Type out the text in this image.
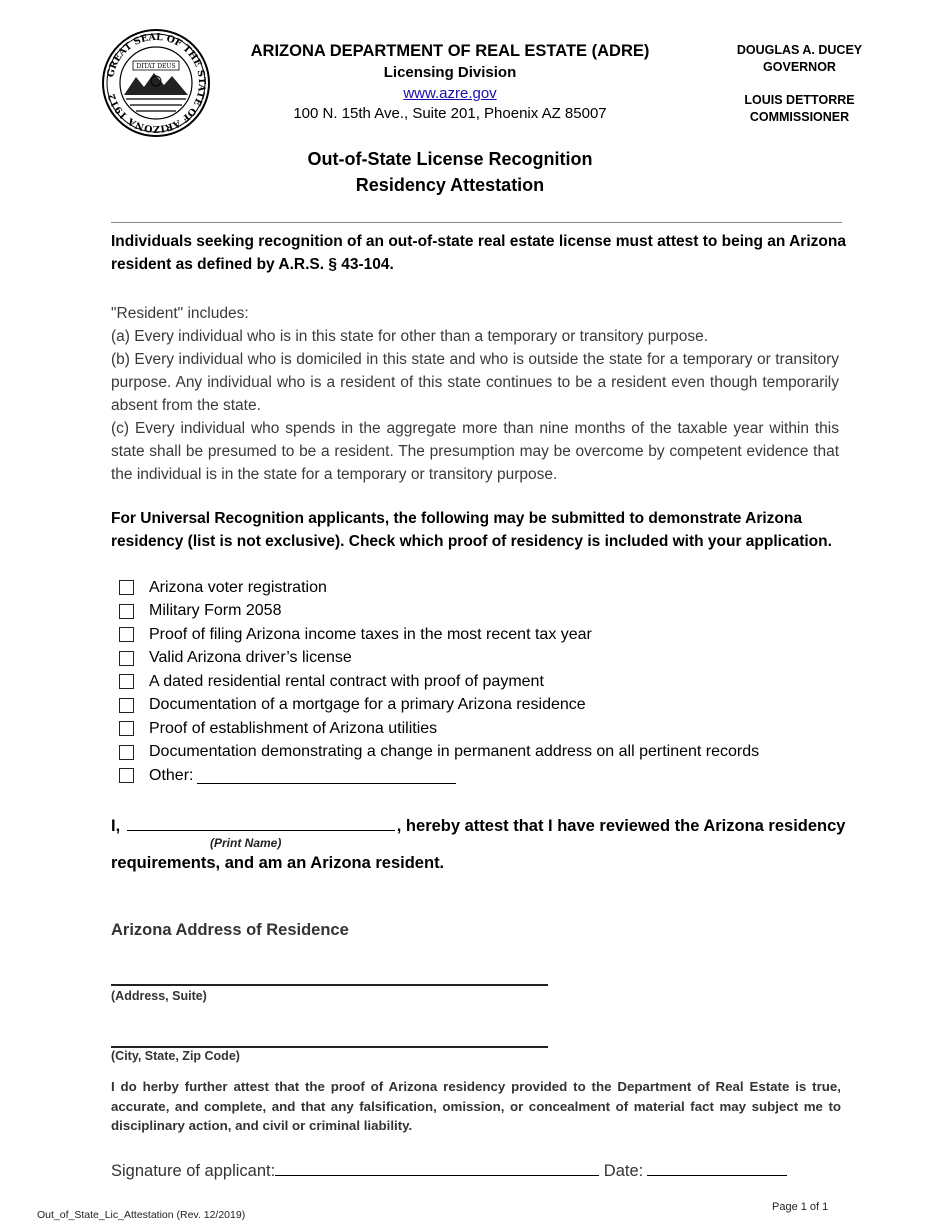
GREAT SEAL OF THE STATE OF ARIZONA 1912
DITAT DEUS
ARIZONA DEPARTMENT OF REAL ESTATE (ADRE)
Licensing Division
www.azre.gov
100 N. 15th Ave., Suite 201, Phoenix AZ 85007
DOUGLAS A. DUCEY
GOVERNOR
LOUIS DETTORRE
COMMISSIONER
Out-of-State License Recognition
Residency Attestation
Individuals seeking recognition of an out-of-state real estate license must attest to being an Arizona resident as defined by A.R.S. § 43-104.

"Resident" includes:

(a) Every individual who is in this state for other than a temporary or transitory purpose.

(b) Every individual who is domiciled in this state and who is outside the state for a temporary or transitory purpose. Any individual who is a resident of this state continues to be a resident even though temporarily absent from the state.

(c) Every individual who spends in the aggregate more than nine months of the taxable year within this state shall be presumed to be a resident. The presumption may be overcome by competent evidence that the individual is in the state for a temporary or transitory purpose.

For Universal Recognition applicants, the following may be submitted to demonstrate Arizona residency (list is not exclusive). Check which proof of residency is included with your application.
Arizona voter registration
Military Form 2058
Proof of filing Arizona income taxes in the most recent tax year
Valid Arizona driver’s license
A dated residential rental contract with proof of payment
Documentation of a mortgage for a primary Arizona residence
Proof of establishment of Arizona utilities
Documentation demonstrating a change in permanent address on all pertinent records
Other:
I,	, hereby attest that I have reviewed the Arizona residency
(Print Name)
requirements, and am an Arizona resident.
Arizona Address of Residence
(Address, Suite)
(City, State, Zip Code)
I do herby further attest that the proof of Arizona residency provided to the Department of Real Estate is true, accurate, and complete, and that any falsification, omission, or concealment of material fact may subject me to disciplinary action, and civil or criminal liability.
Signature of applicant:	Date:
Out_of_State_Lic_Attestation (Rev. 12/2019)
Page 1 of 1
